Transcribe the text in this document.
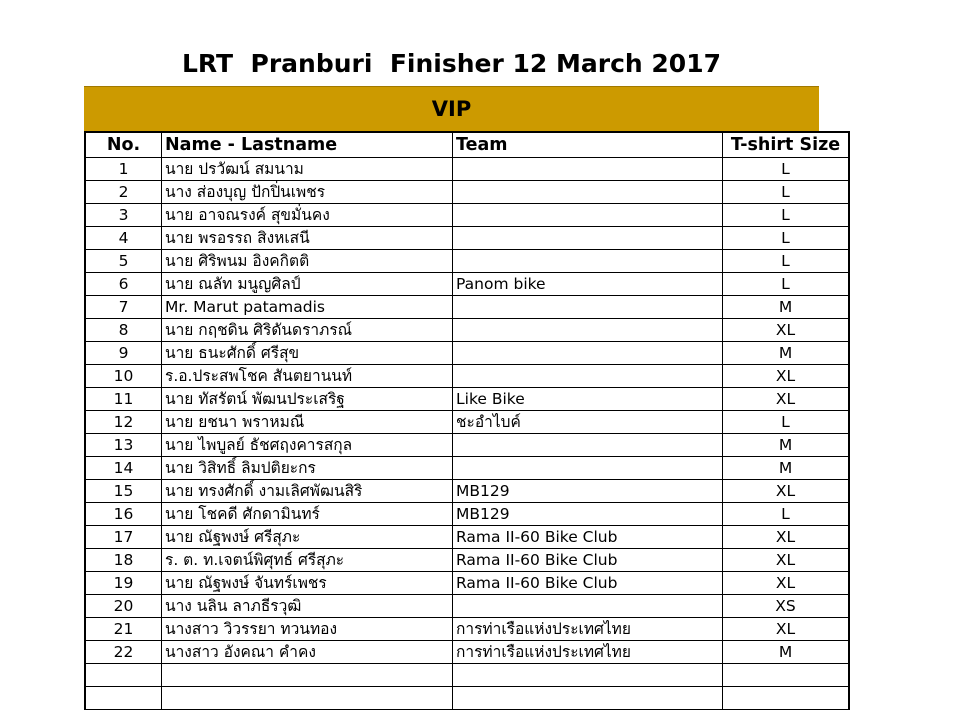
LRT  Pranburi  Finisher 12 March 2017
VIP
No.	Name - Lastname	Team	T-shirt Size
1	นาย ปรวัฒน์ สมนาม		L
2	นาง ส่องบุญ ปักปิ่นเพชร		L
3	นาย อาจณรงค์ สุขมั่นคง		L
4	นาย พรอรรถ สิงหเสนี		L
5	นาย ศิริพนม อิงคกิตติ		L
6	นาย ณลัท มนูญศิลป์	Panom bike	L
7	Mr. Marut patamadis		M
8	นาย กฤชดิน ศิริดันดราภรณ์		XL
9	นาย ธนะศักดิ์ ศรีสุข		M
10	ร.อ.ประสพโชค สันตยานนท์		XL
11	นาย ทัสรัตน์ พัฒนประเสริฐ	Like Bike	XL
12	นาย ยชนา พราหมณี	ชะอำไบค์	L
13	นาย ไพบูลย์ ธัชศฤงคารสกุล		M
14	นาย วิสิทธิ์ ลิมปติยะกร		M
15	นาย ทรงศักดิ์ งามเลิศพัฒนสิริ	MB129	XL
16	นาย โชคดี ศักดามินทร์	MB129	L
17	นาย ณัฐพงษ์ ศรีสุภะ	Rama II-60 Bike Club	XL
18	ร. ต. ท.เจตน์พิศุทธ์ ศรีสุภะ	Rama II-60 Bike Club	XL
19	นาย ณัฐพงษ์ จันทร์เพชร	Rama II-60 Bike Club	XL
20	นาง นลิน ลาภธีรวุฒิ		XS
21	นางสาว วิวรรยา ทวนทอง	การท่าเรือแห่งประเทศไทย	XL
22	นางสาว อังคณา คำคง	การท่าเรือแห่งประเทศไทย	M
